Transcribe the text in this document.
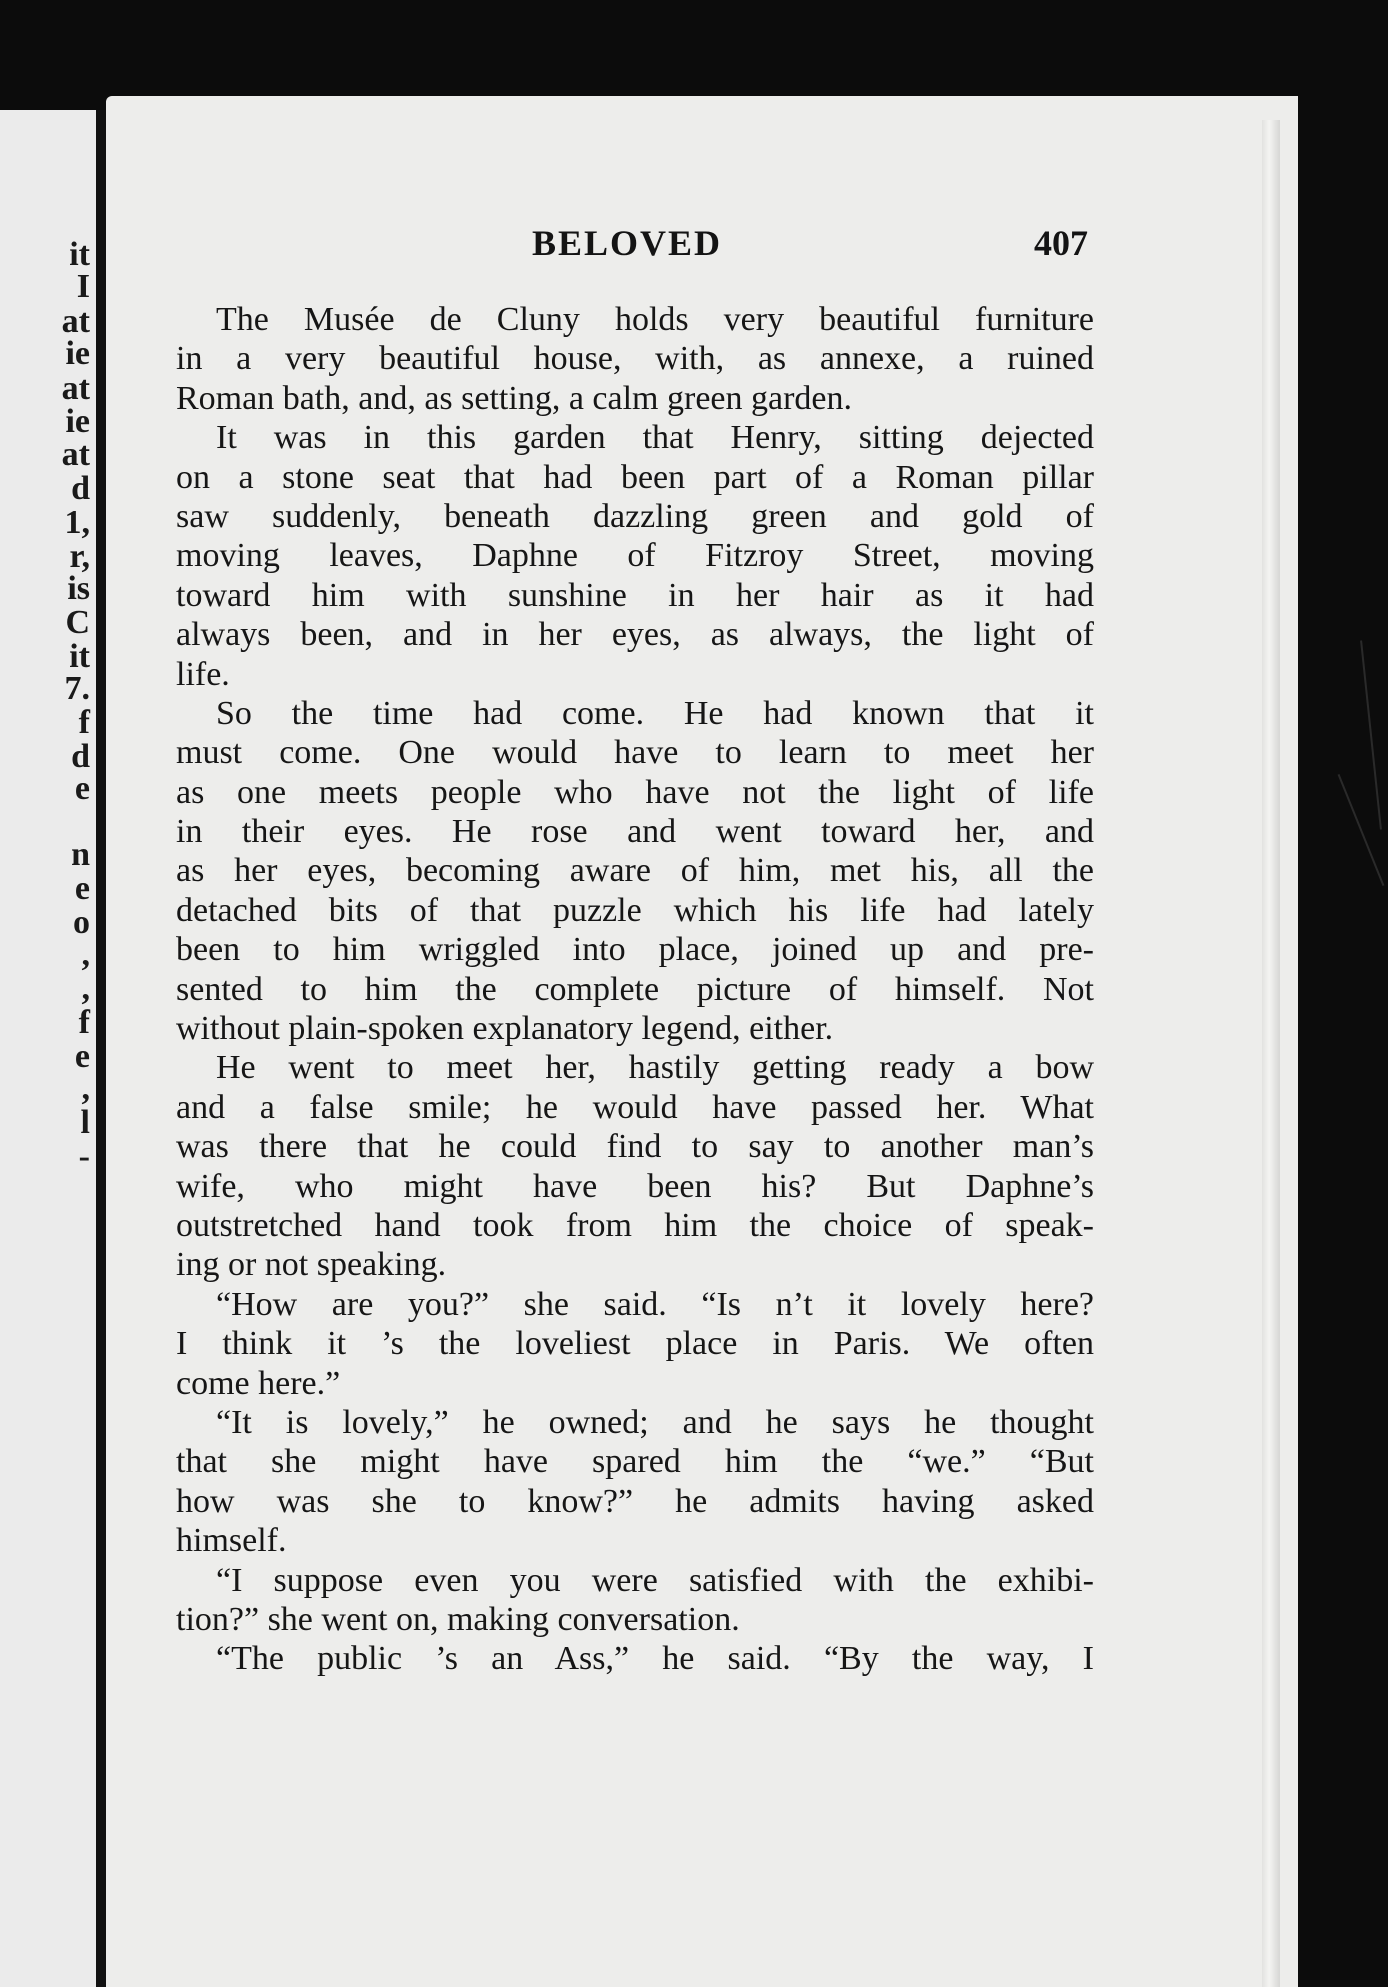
it
I
at
ie
at
ie
at
d
1,
r,
is
C
it
7.
f
d
e
n
e
o
,
,
f
e
,
l
-
BELOVED	407
The Musée de Cluny holds very beautiful furniture
in a very beautiful house, with, as annexe, a ruined
Roman bath, and, as setting, a calm green garden.
It was in this garden that Henry, sitting dejected
on a stone seat that had been part of a Roman pillar
saw suddenly, beneath dazzling green and gold of
moving leaves, Daphne of Fitzroy Street, moving
toward him with sunshine in her hair as it had
always been, and in her eyes, as always, the light of
life.
So the time had come. He had known that it
must come. One would have to learn to meet her
as one meets people who have not the light of life
in their eyes. He rose and went toward her, and
as her eyes, becoming aware of him, met his, all the
detached bits of that puzzle which his life had lately
been to him wriggled into place, joined up and pre-
sented to him the complete picture of himself. Not
without plain-spoken explanatory legend, either.
He went to meet her, hastily getting ready a bow
and a false smile; he would have passed her. What
was there that he could find to say to another man’s
wife, who might have been his? But Daphne’s
outstretched hand took from him the choice of speak-
ing or not speaking.
“How are you?” she said. “Is n’t it lovely here?
I think it ’s the loveliest place in Paris. We often
come here.”
“It is lovely,” he owned; and he says he thought
that she might have spared him the “we.” “But
how was she to know?” he admits having asked
himself.
“I suppose even you were satisfied with the exhibi-
tion?” she went on, making conversation.
“The public ’s an Ass,” he said. “By the way, I
